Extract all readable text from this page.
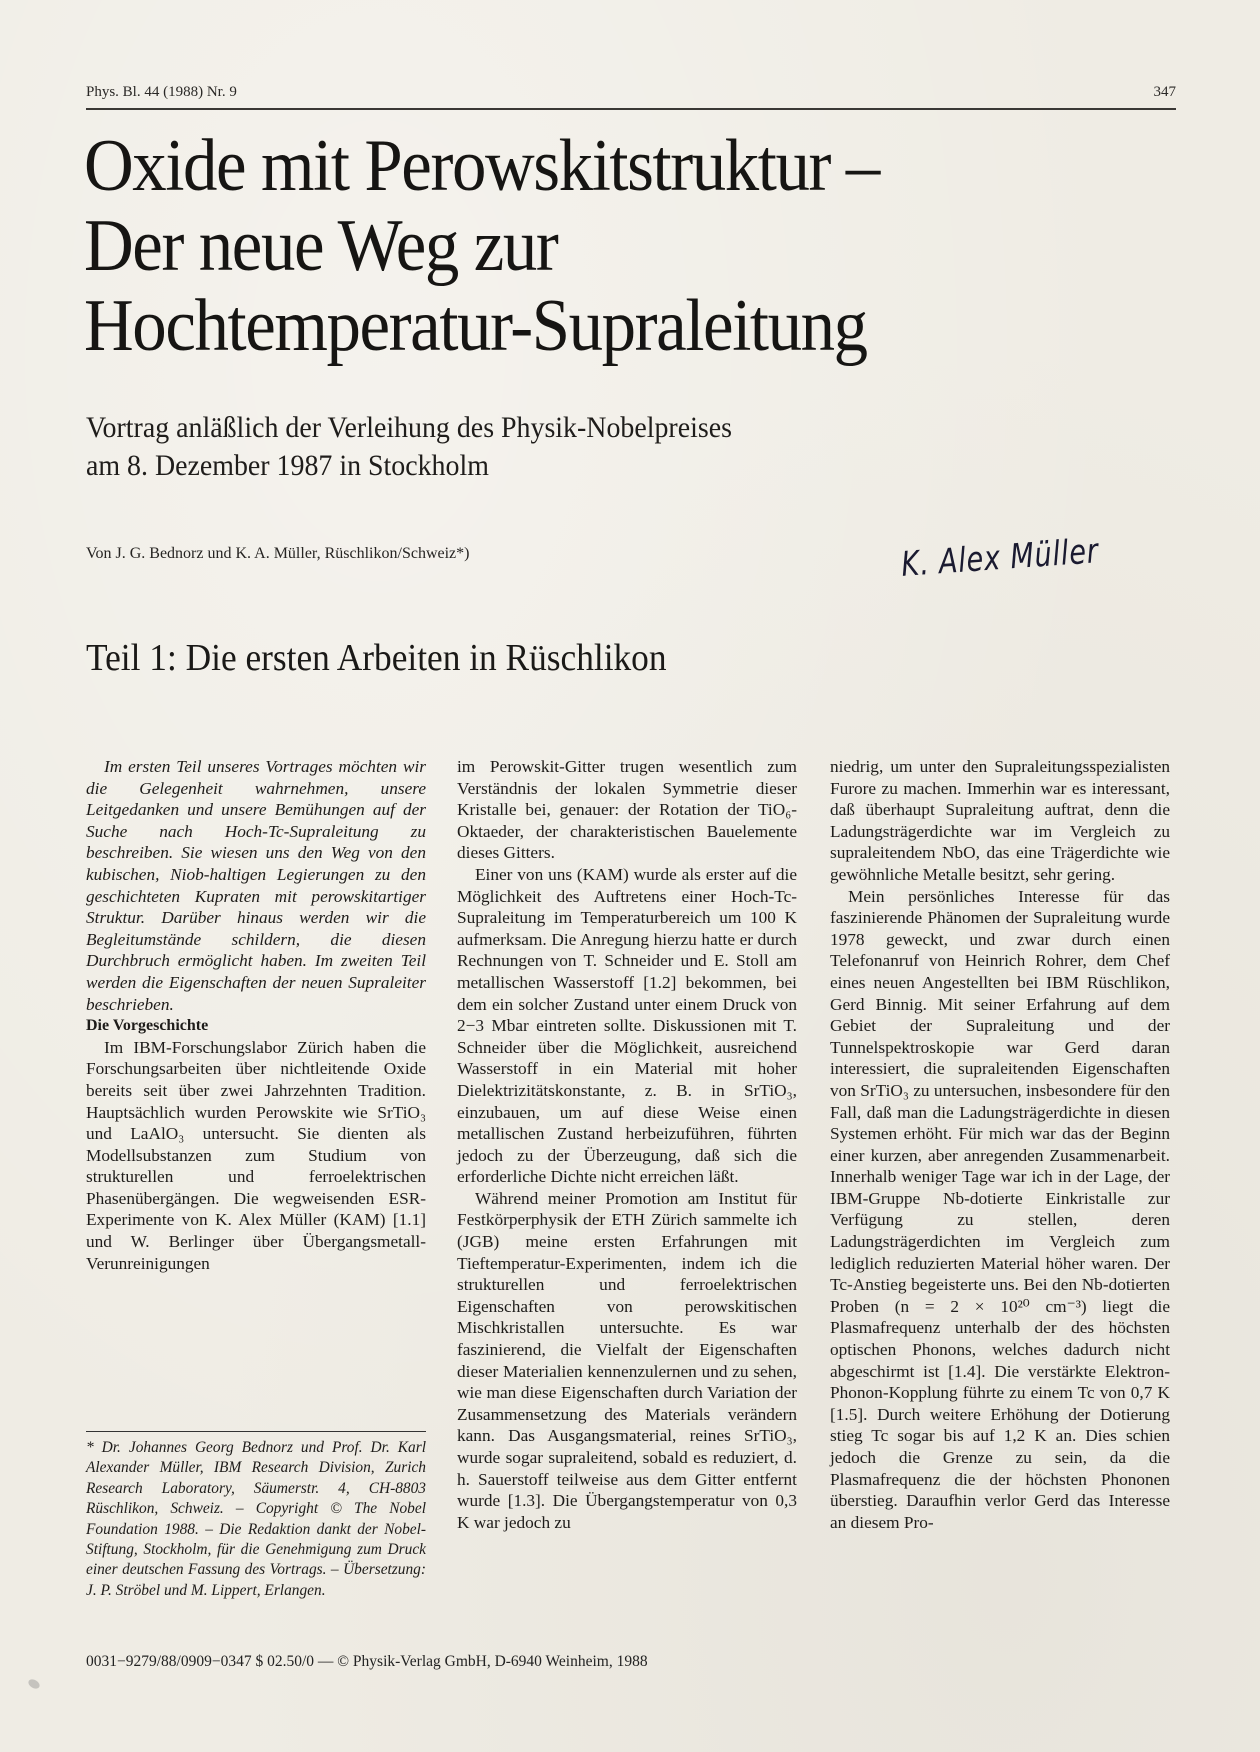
Phys. Bl. 44 (1988) Nr. 9	347
Oxide mit Perowskitstruktur –
Der neue Weg zur
Hochtemperatur-Supraleitung
Vortrag anläßlich der Verleihung des Physik-Nobelpreises
am 8. Dezember 1987 in Stockholm
Von J. G. Bednorz und K. A. Müller, Rüschlikon/Schweiz*)	K. Alex Müller
Teil 1: Die ersten Arbeiten in Rüschlikon

Im ersten Teil unseres Vortrages möchten wir die Gelegenheit wahrnehmen, unsere Leitgedanken und unsere Bemühungen auf der Suche nach Hoch-Tc-Supraleitung zu beschreiben. Sie wiesen uns den Weg von den kubischen, Niob-haltigen Legierungen zu den geschichteten Kupraten mit perowskitartiger Struktur. Darüber hinaus werden wir die Begleitumstände schildern, die diesen Durchbruch ermöglicht haben. Im zweiten Teil werden die Eigenschaften der neuen Supraleiter beschrieben.

Die Vorgeschichte

Im IBM-Forschungslabor Zürich haben die Forschungsarbeiten über nichtleitende Oxide bereits seit über zwei Jahrzehnten Tradition. Hauptsächlich wurden Perowskite wie SrTiO₃ und LaAlO₃ untersucht. Sie dienten als Modellsubstanzen zum Studium von strukturellen und ferroelektrischen Phasenübergängen. Die wegweisenden ESR-Experimente von K. Alex Müller (KAM) [1.1] und W. Berlinger über Übergangsmetall-Verunreinigungen

im Perowskit-Gitter trugen wesentlich zum Verständnis der lokalen Symmetrie dieser Kristalle bei, genauer: der Rotation der TiO₆-Oktaeder, der charakteristischen Bauelemente dieses Gitters.

Einer von uns (KAM) wurde als erster auf die Möglichkeit des Auftretens einer Hoch-Tc-Supraleitung im Temperaturbereich um 100 K aufmerksam. Die Anregung hierzu hatte er durch Rechnungen von T. Schneider und E. Stoll am metallischen Wasserstoff [1.2] bekommen, bei dem ein solcher Zustand unter einem Druck von 2−3 Mbar eintreten sollte. Diskussionen mit T. Schneider über die Möglichkeit, ausreichend Wasserstoff in ein Material mit hoher Dielektrizitätskonstante, z. B. in SrTiO₃, einzubauen, um auf diese Weise einen metallischen Zustand herbeizuführen, führten jedoch zu der Überzeugung, daß sich die erforderliche Dichte nicht erreichen läßt.

Während meiner Promotion am Institut für Festkörperphysik der ETH Zürich sammelte ich (JGB) meine ersten Erfahrungen mit Tieftemperatur-Experimenten, indem ich die strukturellen und ferroelektrischen Eigenschaften von perowskitischen Mischkristallen untersuchte. Es war faszinierend, die Vielfalt der Eigenschaften dieser Materialien kennenzulernen und zu sehen, wie man diese Eigenschaften durch Variation der Zusammensetzung des Materials verändern kann. Das Ausgangsmaterial, reines SrTiO₃, wurde sogar supraleitend, sobald es reduziert, d. h. Sauerstoff teilweise aus dem Gitter entfernt wurde [1.3]. Die Übergangstemperatur von 0,3 K war jedoch zu

niedrig, um unter den Supraleitungsspezialisten Furore zu machen. Immerhin war es interessant, daß überhaupt Supraleitung auftrat, denn die Ladungsträgerdichte war im Vergleich zu supraleitendem NbO, das eine Trägerdichte wie gewöhnliche Metalle besitzt, sehr gering.

Mein persönliches Interesse für das faszinierende Phänomen der Supraleitung wurde 1978 geweckt, und zwar durch einen Telefonanruf von Heinrich Rohrer, dem Chef eines neuen Angestellten bei IBM Rüschlikon, Gerd Binnig. Mit seiner Erfahrung auf dem Gebiet der Supraleitung und der Tunnelspektroskopie war Gerd daran interessiert, die supraleitenden Eigenschaften von SrTiO₃ zu untersuchen, insbesondere für den Fall, daß man die Ladungsträgerdichte in diesen Systemen erhöht. Für mich war das der Beginn einer kurzen, aber anregenden Zusammenarbeit. Innerhalb weniger Tage war ich in der Lage, der IBM-Gruppe Nb-dotierte Einkristalle zur Verfügung zu stellen, deren Ladungsträgerdichten im Vergleich zum lediglich reduzierten Material höher waren. Der Tc-Anstieg begeisterte uns. Bei den Nb-dotierten Proben (n = 2 × 10²⁰ cm⁻³) liegt die Plasmafrequenz unterhalb der des höchsten optischen Phonons, welches dadurch nicht abgeschirmt ist [1.4]. Die verstärkte Elektron-Phonon-Kopplung führte zu einem Tc von 0,7 K [1.5]. Durch weitere Erhöhung der Dotierung stieg Tc sogar bis auf 1,2 K an. Dies schien jedoch die Grenze zu sein, da die Plasmafrequenz die der höchsten Phononen überstieg. Daraufhin verlor Gerd das Interesse an diesem Pro-

* Dr. Johannes Georg Bednorz und Prof. Dr. Karl Alexander Müller, IBM Research Division, Zurich Research Laboratory, Säumerstr. 4, CH-8803 Rüschlikon, Schweiz. – Copyright © The Nobel Foundation 1988. – Die Redaktion dankt der Nobel-Stiftung, Stockholm, für die Genehmigung zum Druck einer deutschen Fassung des Vortrags. – Übersetzung: J. P. Ströbel und M. Lippert, Erlangen.
0031−9279/88/0909−0347 $ 02.50/0 — © Physik-Verlag GmbH, D-6940 Weinheim, 1988
